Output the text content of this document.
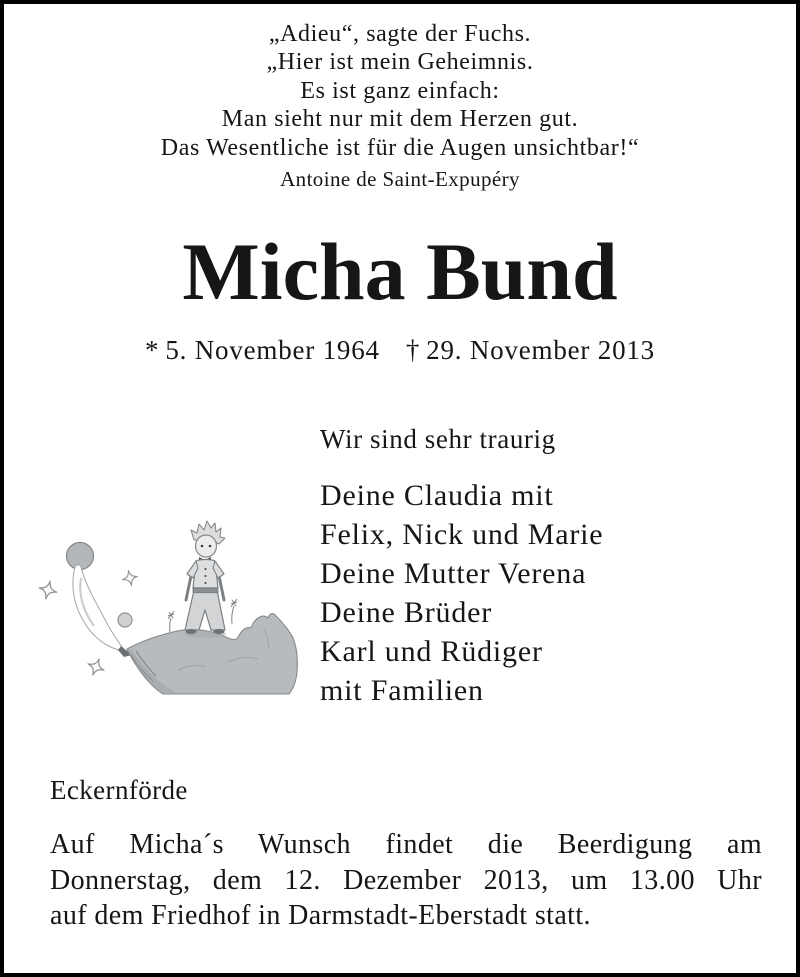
„Adieu“, sagte der Fuchs.
„Hier ist mein Geheimnis.
Es ist ganz einfach:
Man sieht nur mit dem Herzen gut.
Das Wesentliche ist für die Augen unsichtbar!“
Antoine de Saint-Expupéry
Micha Bund
* 5. November 1964 † 29. November 2013
Wir sind sehr traurig
Deine Claudia mit
Felix, Nick und Marie
Deine Mutter Verena
Deine Brüder
Karl und Rüdiger
mit Familien
Eckernförde
Auf Micha´s Wunsch findet die Beerdigung am
Donnerstag, dem 12. Dezember 2013, um 13.00 Uhr
auf dem Friedhof in Darmstadt-Eberstadt statt.
